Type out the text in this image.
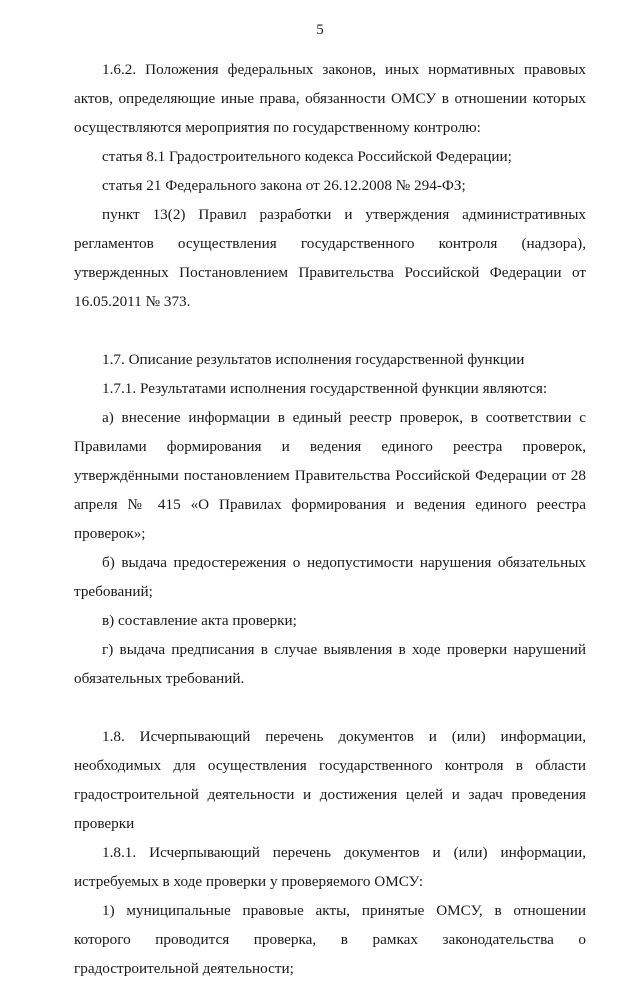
5

1.6.2. Положения федеральных законов, иных нормативных правовых актов, определяющие иные права, обязанности ОМСУ в отношении которых осуществляются мероприятия по государственному контролю:

статья 8.1 Градостроительного кодекса Российской Федерации;

статья 21 Федерального закона от 26.12.2008 № 294-ФЗ;

пункт 13(2) Правил разработки и утверждения административных регламентов осуществления государственного контроля (надзора), утвержденных Постановлением Правительства Российской Федерации от 16.05.2011 № 373.

1.7. Описание результатов исполнения государственной функции

1.7.1. Результатами исполнения государственной функции являются:

а) внесение информации в единый реестр проверок, в соответствии с Правилами формирования и ведения единого реестра проверок, утверждёнными постановлением Правительства Российской Федерации от 28 апреля № 415 «О Правилах формирования и ведения единого реестра проверок»;

б) выдача предостережения о недопустимости нарушения обязательных требований;

в) составление акта проверки;

г) выдача предписания в случае выявления в ходе проверки нарушений обязательных требований.

1.8. Исчерпывающий перечень документов и (или) информации, необходимых для осуществления государственного контроля в области градостроительной деятельности и достижения целей и задач проведения проверки

1.8.1. Исчерпывающий перечень документов и (или) информации, истребуемых в ходе проверки у проверяемого ОМСУ:

1) муниципальные правовые акты, принятые ОМСУ, в отношении которого проводится проверка, в рамках законодательства о градостроительной деятельности;
